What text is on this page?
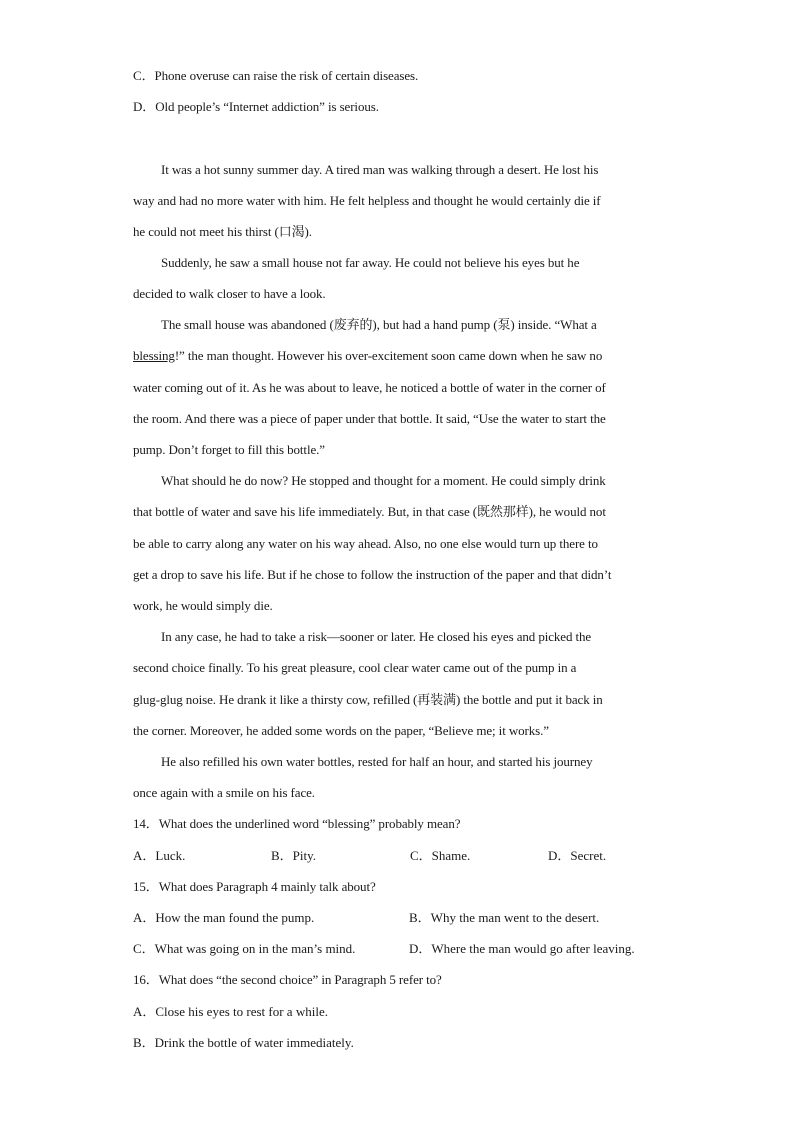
C．Phone overuse can raise the risk of certain diseases.
D．Old people’s “Internet addiction” is serious.
It was a hot sunny summer day. A tired man was walking through a desert. He lost his
way and had no more water with him. He felt helpless and thought he would certainly die if
he could not meet his thirst (口渴).
Suddenly, he saw a small house not far away. He could not believe his eyes but he
decided to walk closer to have a look.
The small house was abandoned (废弃的), but had a hand pump (泵) inside. “What a
blessing!” the man thought. However his over-excitement soon came down when he saw no
water coming out of it. As he was about to leave, he noticed a bottle of water in the corner of
the room. And there was a piece of paper under that bottle. It said, “Use the water to start the
pump. Don’t forget to fill this bottle.”
What should he do now? He stopped and thought for a moment. He could simply drink
that bottle of water and save his life immediately. But, in that case (既然那样), he would not
be able to carry along any water on his way ahead. Also, no one else would turn up there to
get a drop to save his life. But if he chose to follow the instruction of the paper and that didn’t
work, he would simply die.
In any case, he had to take a risk—sooner or later. He closed his eyes and picked the
second choice finally. To his great pleasure, cool clear water came out of the pump in a
glug-glug noise. He drank it like a thirsty cow, refilled (再装满) the bottle and put it back in
the corner. Moreover, he added some words on the paper, “Believe me; it works.”
He also refilled his own water bottles, rested for half an hour, and started his journey
once again with a smile on his face.
14．What does the underlined word “blessing” probably mean?
A．Luck.	B．Pity.	C．Shame.	D．Secret.
15．What does Paragraph 4 mainly talk about?
A．How the man found the pump.	B．Why the man went to the desert.
C．What was going on in the man’s mind.	D．Where the man would go after leaving.
16．What does “the second choice” in Paragraph 5 refer to?
A．Close his eyes to rest for a while.
B．Drink the bottle of water immediately.
